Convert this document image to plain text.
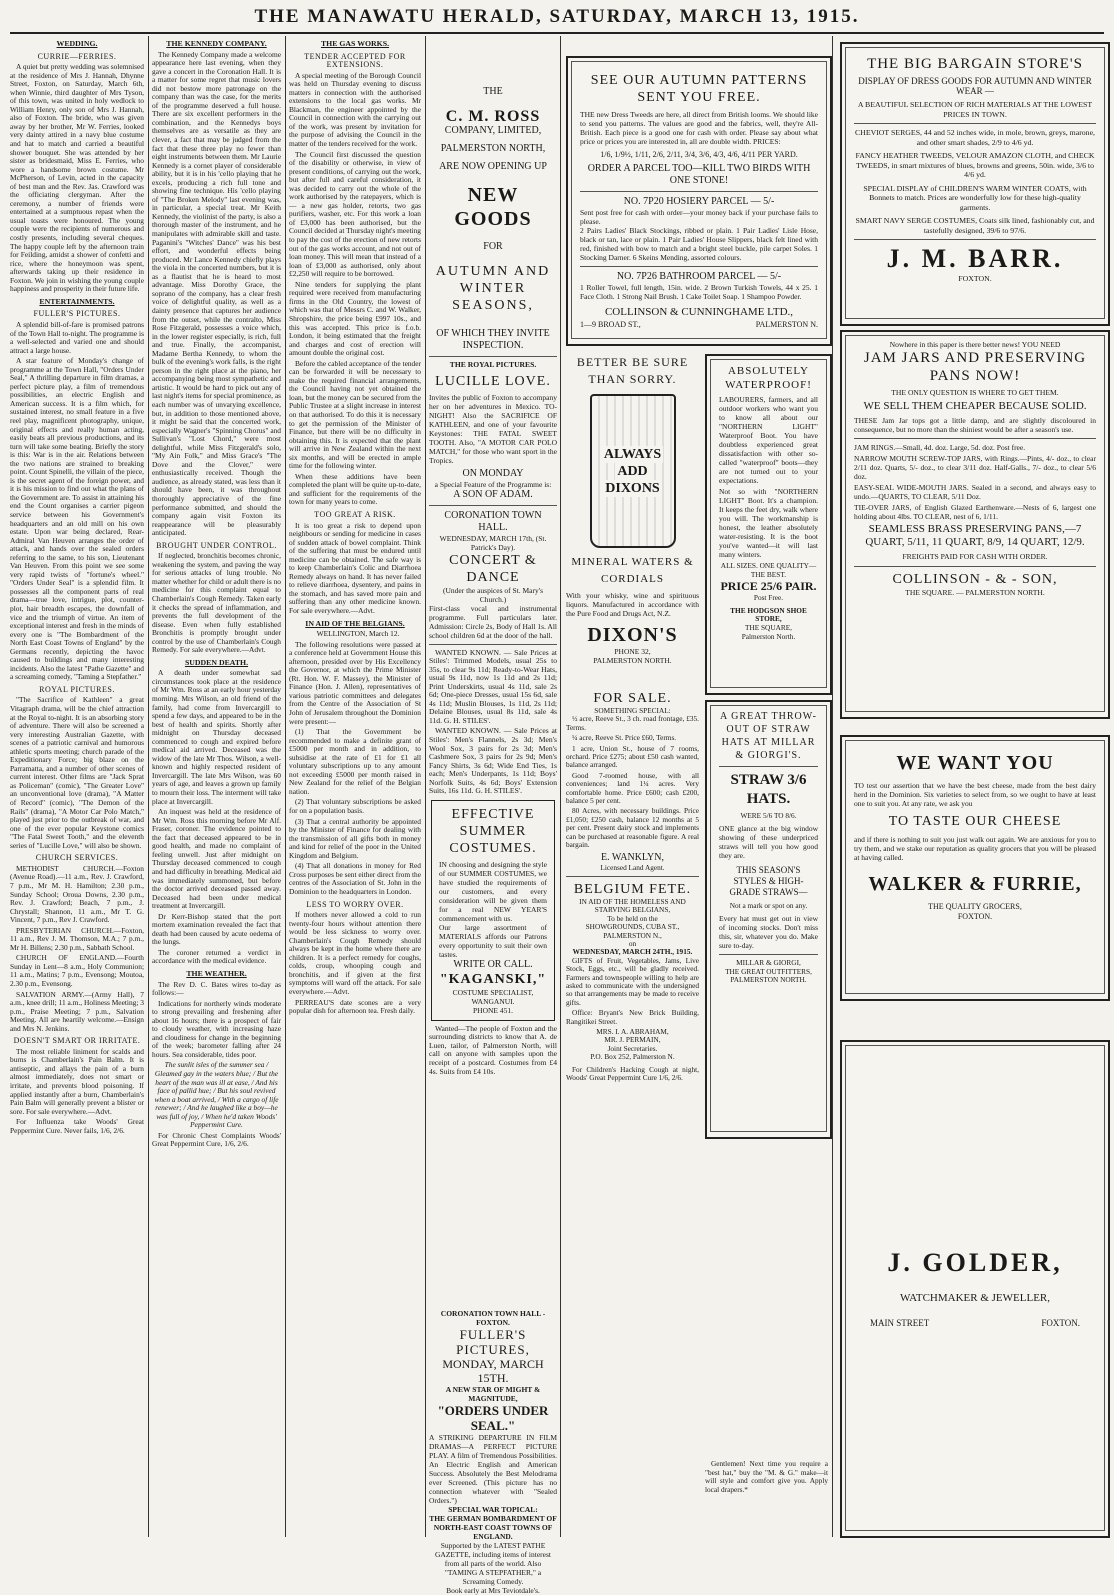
THE MANAWATU HERALD, SATURDAY, MARCH 13, 1915.
WEDDING.
CURRIE—FERRIES.

A quiet but pretty wedding was solemnised at the residence of Mrs J. Hannah, Dhynne Street, Foxton, on Saturday, March 6th, when Winnie, third daughter of Mrs Tyson, of this town, was united in holy wedlock to William Henry, only son of Mrs J. Hannah, also of Foxton. The bride, who was given away by her brother, Mr W. Ferries, looked very dainty attired in a navy blue costume and hat to match and carried a beautiful shower bouquet. She was attended by her sister as bridesmaid, Miss E. Ferries, who wore a handsome brown costume. Mr McPherson, of Levin, acted in the capacity of best man and the Rev. Jas. Crawford was the officiating clergyman. After the ceremony, a number of friends were entertained at a sumptuous repast when the usual toasts were honoured. The young couple were the recipients of numerous and costly presents, including several cheques. The happy couple left by the afternoon train for Feilding, amidst a shower of confetti and rice, where the honeymoon was spent, afterwards taking up their residence in Foxton. We join in wishing the young couple happiness and prosperity in their future life.

ENTERTAINMENTS.
FULLER'S PICTURES.

A splendid bill-of-fare is promised patrons of the Town Hall to-night. The programme is a well-selected and varied one and should attract a large house.

A star feature of Monday's change of programme at the Town Hall, "Orders Under Seal," A thrilling departure in film dramas, a perfect picture play, a film of tremendous possibilities, an electric English and American success. It is a film which, for sustained interest, no small feature in a five reel play, magnificent photography, unique, original effects and really human acting, easily beats all previous productions, and its turn will take some beating. Briefly the story is this: War is in the air. Relations between the two nations are strained to breaking point. Count Spinelli, the villain of the piece, is the secret agent of the foreign power, and it is his mission to find out what the plans of the Government are. To assist in attaining his end the Count organises a carrier pigeon service between his Government's headquarters and an old mill on his own estate. Upon war being declared, Rear-Admiral Van Heuven arranges the order of attack, and hands over the sealed orders referring to the same, to his son, Lieutenant Van Heuven. From this point we see some very rapid twists of "fortune's wheel." "Orders Under Seal" is a splendid film. It possesses all the component parts of real drama—true love, intrigue, plot, counter-plot, hair breadth escapes, the downfall of vice and the triumph of virtue. An item of exceptional interest and fresh in the minds of every one is "The Bombardment of the North East Coast Towns of England" by the Germans recently, depicting the havoc caused to buildings and many interesting incidents. Also the latest "Pathe Gazette" and a screaming comedy, "Taming a Stepfather."

ROYAL PICTURES.

"The Sacrifice of Kathleen" a great Vitagraph drama, will be the chief attraction at the Royal to-night. It is an absorbing story of adventure. There will also be screened a very interesting Australian Gazette, with scenes of a patriotic carnival and humorous athletic sports meeting; church parade of the Expeditionary Force; big blaze on the Parramatta, and a number of other scenes of current interest. Other films are "Jack Sprat as Policeman" (comic), "The Greater Love" an unconventional love (drama), "A Matter of Record" (comic), "The Demon of the Rails" (drama), "A Motor Car Polo Match," played just prior to the outbreak of war, and one of the ever popular Keystone comics "The Fatal Sweet Tooth," and the eleventh series of "Lucille Love," will also be shown.

CHURCH SERVICES.

METHODIST CHURCH.—Foxton (Avenue Road).—11 a.m., Rev. J. Crawford, 7 p.m., Mr M. H. Hamilton; 2.30 p.m., Sunday School; Oroua Downs, 2.30 p.m., Rev. J. Crawford; Beach, 7 p.m., J. Chrystall; Shannon, 11 a.m., Mr T. G. Vincent, 7 p.m., Rev J. Crawford.

PRESBYTERIAN CHURCH.—Foxton, 11 a.m., Rev J. M. Thomson, M.A.; 7 p.m., Mr H. Billens; 2.30 p.m., Sabbath School.

CHURCH OF ENGLAND.—Fourth Sunday in Lent—8 a.m., Holy Communion; 11 a.m., Matins; 7 p.m., Evensong; Moutoa, 2.30 p.m., Evensong.

SALVATION ARMY.—(Army Hall), 7 a.m., knee drill; 11 a.m., Holiness Meeting; 3 p.m., Praise Meeting; 7 p.m., Salvation Meeting. All are heartily welcome.—Ensign and Mrs N. Jenkins.

DOESN'T SMART OR IRRITATE.

The most reliable liniment for scalds and burns is Chamberlain's Pain Balm. It is antiseptic, and allays the pain of a burn almost immediately, does not smart or irritate, and prevents blood poisoning. If applied instantly after a burn, Chamberlain's Pain Balm will generally prevent a blister or sore. For sale everywhere.—Advt.

For Influenza take Woods' Great Peppermint Cure. Never fails, 1/6, 2/6.

THE KENNEDY COMPANY.

The Kennedy Company made a welcome appearance here last evening, when they gave a concert in the Coronation Hall. It is a matter for some regret that music lovers did not bestow more patronage on the company than was the case, for the merits of the programme deserved a full house. There are six excellent performers in the combination, and the Kennedys boys themselves are as versatile as they are clever, a fact that may be judged from the fact that these three play no fewer than eight instruments between them. Mr Laurie Kennedy is a cornet player of considerable ability, but it is in his 'cello playing that he excels, producing a rich full tone and showing fine technique. His 'cello playing of "The Broken Melody" last evening was, in particular, a special treat. Mr Keith Kennedy, the violinist of the party, is also a thorough master of the instrument, and he manipulates with admirable skill and taste. Paganini's "Witches' Dance" was his best effort, and wonderful effects being produced. Mr Lance Kennedy chiefly plays the viola in the concerted numbers, but it is as a flautist that he is heard to most advantage. Miss Dorothy Grace, the soprano of the company, has a clear fresh voice of delightful quality, as well as a dainty presence that captures her audience from the outset, while the contralto, Miss Rose Fitzgerald, possesses a voice which, in the lower register especially, is rich, full and true. Finally, the accompanist, Madame Bertha Kennedy, to whom the bulk of the evening's work falls, is the right person in the right place at the piano, her accompanying being most sympathetic and artistic. It would be hard to pick out any of last night's items for special prominence, as each number was of unvarying excellence, but, in addition to those mentioned above, it might be said that the concerted work, especially Wagner's "Spinning Chorus" and Sullivan's "Lost Chord," were most delightful, while Miss Fitzgerald's solo, "My Ain Folk," and Miss Grace's "The Dove and the Clover," were enthusiastically received. Though the audience, as already stated, was less than it should have been, it was throughout thoroughly appreciative of the fine performance submitted, and should the company again visit Foxton its reappearance will be pleasurably anticipated.

BROUGHT UNDER CONTROL.

If neglected, bronchitis becomes chronic, weakening the system, and paving the way for serious attacks of lung trouble. No matter whether for child or adult there is no medicine for this complaint equal to Chamberlain's Cough Remedy. Taken early it checks the spread of inflammation, and prevents the full development of the disease. Even when fully established Bronchitis is promptly brought under control by the use of Chamberlain's Cough Remedy. For sale everywhere.—Advt.

SUDDEN DEATH.

A death under somewhat sad circumstances took place at the residence of Mr Wm. Ross at an early hour yesterday morning. Mrs Wilson, an old friend of the family, had come from Invercargill to spend a few days, and appeared to be in the best of health and spirits. Shortly after midnight on Thursday deceased commenced to cough and expired before medical aid arrived. Deceased was the widow of the late Mr Thos. Wilson, a well-known and highly respected resident of Invercargill. The late Mrs Wilson, was 60 years of age, and leaves a grown up family to mourn their loss. The interment will take place at Invercargill.

An inquest was held at the residence of Mr Wm. Ross this morning before Mr Alf. Fraser, coroner. The evidence pointed to the fact that deceased appeared to be in good health, and made no complaint of feeling unwell. Just after midnight on Thursday deceased commenced to cough and had difficulty in breathing. Medical aid was immediately summoned, but before the doctor arrived deceased passed away. Deceased had been under medical treatment at Invercargill.

Dr Kerr-Bishop stated that the port mortem examination revealed the fact that death had been caused by acute oedema of the lungs.

The coroner returned a verdict in accordance with the medical evidence.

THE WEATHER.

The Rev D. C. Bates wires to-day as follows:—

Indications for northerly winds moderate to strong prevailing and freshening after about 16 hours; there is a prospect of fair to cloudy weather, with increasing haze and cloudiness for change in the beginning of the week; barometer falling after 24 hours. Sea considerable, tides poor.

The sunlit isles of the summer sea / Gleamed gay in the waters blue; / But the heart of the man was ill at ease, / And his face of pallid hue; / But his soul revived when a boat arrived, / With a cargo of life renewer; / And he laughed like a boy—he was full of joy, / When he'd taken Woods' Peppermint Cure.

For Chronic Chest Complaints Woods' Great Peppermint Cure, 1/6, 2/6.

THE GAS WORKS.
TENDER ACCEPTED FOR EXTENSIONS.

A special meeting of the Borough Council was held on Thursday evening to discuss matters in connection with the authorised extensions to the local gas works. Mr Blackman, the engineer appointed by the Council in connection with the carrying out of the work, was present by invitation for the purpose of advising the Council in the matter of the tenders received for the work.

The Council first discussed the question of the disability or otherwise, in view of present conditions, of carrying out the work, but after full and careful consideration, it was decided to carry out the whole of the work authorised by the ratepayers, which is — a new gas holder, retorts, two gas purifiers, washer, etc. For this work a loan of £3,000 has been authorised, but the Council decided at Thursday night's meeting to pay the cost of the erection of new retorts out of the gas works account, and not out of loan money. This will mean that instead of a loan of £3,000 as authorised, only about £2,250 will require to be borrowed.

Nine tenders for supplying the plant required were received from manufacturing firms in the Old Country, the lowest of which was that of Messrs C. and W. Walker, Shropshire, the price being £997 10s., and this was accepted. This price is f.o.b. London, it being estimated that the freight and charges and cost of erection will amount double the original cost.

Before the cabled acceptance of the tender can be forwarded it will be necessary to make the required financial arrangements, the Council having not yet obtained the loan, but the money can be secured from the Public Trustee at a slight increase in interest on that authorised. To do this it is necessary to get the permission of the Minister of Finance, but there will be no difficulty in obtaining this. It is expected that the plant will arrive in New Zealand within the next six months, and will be erected in ample time for the following winter.

When these additions have been completed the plant will be quite up-to-date, and sufficient for the requirements of the town for many years to come.

TOO GREAT A RISK.

It is too great a risk to depend upon neighbours or sending for medicine in cases of sudden attack of bowel complaint. Think of the suffering that must be endured until medicine can be obtained. The safe way is to keep Chamberlain's Colic and Diarrhoea Remedy always on hand. It has never failed to relieve diarrhoea, dysentery, and pains in the stomach, and has saved more pain and suffering than any other medicine known. For sale everywhere.—Advt.

IN AID OF THE BELGIANS.

WELLINGTON, March 12.

The following resolutions were passed at a conference held at Government House this afternoon, presided over by His Excellency the Governor, at which the Prime Minister (Rt. Hon. W. F. Massey), the Minister of Finance (Hon. J. Allen), representatives of various patriotic committees and delegates from the Centre of the Association of St John of Jerusalem throughout the Dominion were present:—

(1) That the Government be recommended to make a definite grant of £5000 per month and in addition, to subsidise at the rate of £1 for £1 all voluntary subscriptions up to any amount not exceeding £5000 per month raised in New Zealand for the relief of the Belgian nation.

(2) That voluntary subscriptions be asked for on a population basis.

(3) That a central authority be appointed by the Minister of Finance for dealing with the transmission of all gifts both in money and kind for relief of the poor in the United Kingdom and Belgium.

(4) That all donations in money for Red Cross purposes be sent either direct from the centres of the Association of St. John in the Dominion to the headquarters in London.

LESS TO WORRY OVER.

If mothers never allowed a cold to run twenty-four hours without attention there would be less sickness to worry over. Chamberlain's Cough Remedy should always be kept in the home where there are children. It is a perfect remedy for coughs, colds, croup, whooping cough and bronchitis, and if given at the first symptoms will ward off the attack. For sale everywhere.—Advt.

PERREAU'S date scones are a very popular dish for afternoon tea. Fresh daily.

THE
C. M. ROSS
COMPANY, LIMITED,
PALMERSTON NORTH,
ARE NOW OPENING UP
NEW GOODS
FOR
AUTUMN AND WINTER SEASONS,
OF WHICH THEY INVITE INSPECTION.
THE ROYAL PICTURES.
LUCILLE LOVE.
Invites the public of Foxton to accompany her on her adventures in Mexico. TO-NIGHT! Also the SACRIFICE OF KATHLEEN, and one of your favourite Keystones: THE FATAL SWEET TOOTH. Also, "A MOTOR CAR POLO MATCH," for those who want sport in the Tropics.
ON MONDAY
a Special Feature of the Programme is:
A SON OF ADAM.
CORONATION TOWN HALL.
WEDNESDAY, MARCH 17th, (St. Patrick's Day).
CONCERT & DANCE
(Under the auspices of St. Mary's Church.)
First-class vocal and instrumental programme. Full particulars later. Admission: Circle 2s, Body of Hall 1s. All school children 6d at the door of the hall.

WANTED KNOWN. — Sale Prices at Stiles': Trimmed Models, usual 25s to 35s, to clear 9s 11d; Ready-to-Wear Hats, usual 9s 11d, now 1s 11d and 2s 11d; Print Underskirts, usual 4s 11d, sale 2s 6d; One-piece Dresses, usual 15s 6d, sale 4s 11d; Muslin Blouses, 1s 11d, 2s 11d; Delaine Blouses, usual 8s 11d, sale 4s 11d. G. H. STILES'.

WANTED KNOWN. — Sale Prices at Stiles': Men's Flannels, 2s 3d; Men's Wool Sox, 3 pairs for 2s 3d; Men's Cashmere Sox, 3 pairs for 2s 9d; Men's Fancy Shirts, 3s 6d; Wide End Ties, 1s each; Men's Underpants, 1s 11d; Boys' Norfolk Suits, 4s 6d; Boys' Extension Suits, 16s 11d. G. H. STILES'.

EFFECTIVE SUMMER COSTUMES.
IN choosing and designing the style of our SUMMER COSTUMES, we have studied the requirements of our customers, and every consideration will be given them for a real NEW YEAR'S commencement with us.
Our large assortment of MATERIALS affords our Patrons every opportunity to suit their own tastes.
WRITE OR CALL.
"KAGANSKI,"
COSTUME SPECIALIST, WANGANUI.
PHONE 451.

Wanted—The people of Foxton and the surrounding districts to know that A. de Luen, tailor, of Palmerston North, will call on anyone with samples upon the receipt of a postcard. Costumes from £4 4s. Suits from £4 10s.

CORONATION TOWN HALL - FOXTON.
FULLER'S PICTURES,
MONDAY, MARCH 15TH.
A NEW STAR OF MIGHT & MAGNITUDE,
"ORDERS UNDER SEAL."
A STRIKING DEPARTURE IN FILM DRAMAS—A PERFECT PICTURE PLAY. A film of Tremendous Possibilities. An Electric English and American Success. Absolutely the Best Melodrama ever Screened. (This picture has no connection whatever with "Sealed Orders.")
SPECIAL WAR TOPICAL:
THE GERMAN BOMBARDMENT OF
NORTH-EAST COAST TOWNS OF ENGLAND.
Supported by the LATEST PATHE GAZETTE, including items of interest from all parts of the world. Also "TAMING A STEPFATHER," a Screaming Comedy.
Book early at Mrs Teviotdale's.
SEE OUR AUTUMN PATTERNS SENT YOU FREE.
THE new Dress Tweeds are here, all direct from British looms. We should like to send you patterns. The values are good and the fabrics, well, they're All-British. Each piece is a good one for cash with order. Please say about what price or prices you are interested in, all are double width. PRICES:
1/6, 1/9½, 1/11, 2/6, 2/11, 3/4, 3/6, 4/3, 4/6, 4/11 PER YARD.
ORDER A PARCEL TOO—KILL TWO BIRDS WITH ONE STONE!
NO. 7P20 HOSIERY PARCEL — 5/-
Sent post free for cash with order—your money back if your purchase fails to please.
2 Pairs Ladies' Black Stockings, ribbed or plain. 1 Pair Ladies' Lisle Hose, black or tan, lace or plain. 1 Pair Ladies' House Slippers, black felt lined with red, finished with bow to match and a bright steel buckle, pile carpet Soles. 1 Stocking Darner. 6 Skeins Mending, assorted colours.
NO. 7P26 BATHROOM PARCEL — 5/-
1 Roller Towel, full length, 15in. wide. 2 Brown Turkish Towels, 44 x 25. 1 Face Cloth. 1 Strong Nail Brush. 1 Cake Toilet Soap. 1 Shampoo Powder.
COLLINSON & CUNNINGHAME LTD.,
1—9 BROAD ST.,	PALMERSTON N.
BETTER BE SURE THAN SORRY.
ALWAYS
ADD
DIXONS
MINERAL WATERS & CORDIALS
With your whisky, wine and spirituous liquors. Manufactured in accordance with the Pure Food and Drugs Act, N.Z.
DIXON'S
PHONE 32,
PALMERSTON NORTH.
FOR SALE.
SOMETHING SPECIAL:

½ acre, Reeve St., 3 ch. road frontage, £35. Terms.

¼ acre, Reeve St. Price £60, Terms.

1 acre, Union St., house of 7 rooms, orchard. Price £275; about £50 cash wanted, balance arranged.

Good 7-roomed house, with all conveniences; land 1¼ acres. Very comfortable home. Price £600; cash £200, balance 5 per cent.

80 Acres, with necessary buildings. Price £1,050; £250 cash, balance 12 months at 5 per cent. Present dairy stock and implements can be purchased at reasonable figure. A real bargain.

E. WANKLYN,
Licensed Land Agent.
BELGIUM FETE.
IN AID OF THE HOMELESS AND STARVING BELGIANS,
To be held on the
SHOWGROUNDS, CUBA ST., PALMERSTON N.,
on
WEDNESDAY, MARCH 24TH., 1915.

GIFTS of Fruit, Vegetables, Jams, Live Stock, Eggs, etc., will be gladly received. Farmers and townspeople willing to help are asked to communicate with the undersigned so that arrangements may be made to receive gifts.

Office: Bryant's New Brick Building, Rangitikei Street.

MRS. I. A. ABRAHAM,
MR. J. PERMAIN,
Joint Secretaries.
P.O. Box 252, Palmerston N.

For Children's Hacking Cough at night, Woods' Great Peppermint Cure 1/6, 2/6.

ABSOLUTELY WATERPROOF!
LABOURERS, farmers, and all outdoor workers who want you to know all about our "NORTHERN LIGHT" Waterproof Boot. You have doubtless experienced great dissatisfaction with other so-called "waterproof" boots—they are not turned out to your expectations.
Not so with "NORTHERN LIGHT" Boot. It's a champion. It keeps the feet dry, walk where you will. The workmanship is honest, the leather absolutely water-resisting. It is the boot you've wanted—it will last many winters.
ALL SIZES. ONE QUALITY—THE BEST.
PRICE 25/6 PAIR.
Post Free.
THE HODGSON SHOE STORE,
THE SQUARE,
Palmerston North.
A GREAT THROW-OUT OF STRAW HATS AT MILLAR & GIORGI'S.
STRAW 3/6 HATS.
WERE 5/6 TO 8/6.
ONE glance at the big window showing of these underpriced straws will tell you how good they are.
THIS SEASON'S STYLES & HIGH-GRADE STRAWS—
Not a mark or spot on any.
Every hat must get out in view of incoming stocks. Don't miss this, sir, whatever you do. Make sure to-day.
MILLAR & GIORGI,
THE GREAT OUTFITTERS,
PALMERSTON NORTH.

Gentlemen! Next time you require a "best hat," buy the "M. & G." make—it will style and comfort give you. Apply local drapers.*

THE BIG BARGAIN STORE'S
DISPLAY OF DRESS GOODS FOR AUTUMN AND WINTER WEAR —
A BEAUTIFUL SELECTION OF RICH MATERIALS AT THE LOWEST PRICES IN TOWN.
CHEVIOT SERGES, 44 and 52 inches wide, in mole, brown, greys, marone, and other smart shades, 2/9 to 4/6 yd.
FANCY HEATHER TWEEDS, VELOUR AMAZON CLOTH, and CHECK TWEEDS, in smart mixtures of blues, browns and greens, 50in. wide, 3/6 to 4/6 yd.
SPECIAL DISPLAY of CHILDREN'S WARM WINTER COATS, with Bonnets to match. Prices are wonderfully low for these high-quality garments.
SMART NAVY SERGE COSTUMES, Coats silk lined, fashionably cut, and tastefully designed, 39/6 to 97/6.
J. M. BARR.
FOXTON.
Nowhere in this paper is there better news! YOU NEED
JAM JARS AND PRESERVING PANS NOW!
THE ONLY QUESTION IS WHERE TO GET THEM.
WE SELL THEM CHEAPER BECAUSE SOLID.
THESE Jam Jar tops got a little damp, and are slightly discoloured in consequence, but no more than the shiniest would be after a season's use.
JAM RINGS.—Small, 4d. doz. Large, 5d. doz. Post free.
NARROW MOUTH SCREW-TOP JARS, with Rings.—Pints, 4/- doz., to clear 2/11 doz. Quarts, 5/- doz., to clear 3/11 doz. Half-Galls., 7/- doz., to clear 5/6 doz.
EASY-SEAL WIDE-MOUTH JARS. Sealed in a second, and always easy to undo.—QUARTS, TO CLEAR, 5/11 Doz.
TIE-OVER JARS, of English Glazed Earthenware.—Nests of 6, largest one holding about 4lbs. TO CLEAR, nest of 6, 1/11.
SEAMLESS BRASS PRESERVING PANS,—7 QUART, 5/11, 11 QUART, 8/9, 14 QUART, 12/9.
FREIGHTS PAID FOR CASH WITH ORDER.
COLLINSON - & - SON,
THE SQUARE. — PALMERSTON NORTH.
WE WANT YOU
TO test our assertion that we have the best cheese, made from the best dairy herd in the Dominion. Six varieties to select from, so we ought to have at least one to suit you. At any rate, we ask you
TO TASTE OUR CHEESE
and if there is nothing to suit you just walk out again. We are anxious for you to try them, and we stake our reputation as quality grocers that you will be pleased at having called.
WALKER & FURRIE,
THE QUALITY GROCERS,
FOXTON.
J. GOLDER,
WATCHMAKER & JEWELLER,
MAIN STREET	FOXTON.
